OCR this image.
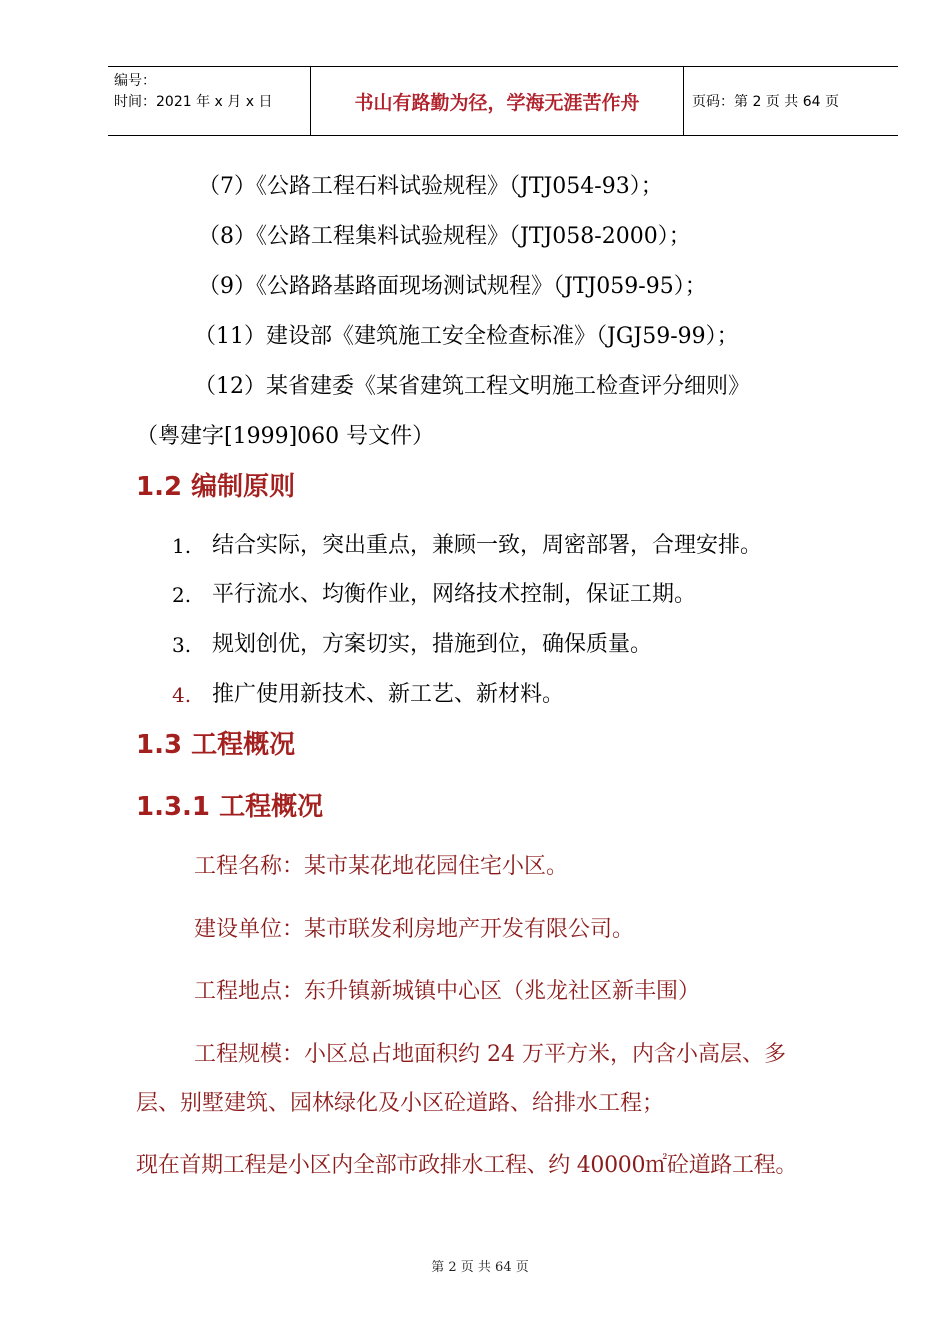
编号：
时间：2021 年 x 月 x 日	书山有路勤为径，学海无涯苦作舟	页码：第 2 页 共 64 页
（7）《公路工程石料试验规程》（JTJ054-93）；
（8）《公路工程集料试验规程》（JTJ058-2000）；
（9）《公路路基路面现场测试规程》（JTJ059-95）；
（11）建设部《建筑施工安全检查标准》（JGJ59-99）；
（12）某省建委《某省建筑工程文明施工检查评分细则》
（粤建字[1999]060 号文件）
1.2 编制原则
1. 结合实际，突出重点，兼顾一致，周密部署，合理安排。
2. 平行流水、均衡作业，网络技术控制，保证工期。
3. 规划创优，方案切实，措施到位，确保质量。
4. 推广使用新技术、新工艺、新材料。
1.3 工程概况
1.3.1 工程概况
工程名称：某市某花地花园住宅小区。
建设单位：某市联发利房地产开发有限公司。
工程地点：东升镇新城镇中心区（兆龙社区新丰围）
工程规模：小区总占地面积约 24 万平方米，内含小高层、多
层、别墅建筑、园林绿化及小区砼道路、给排水工程；
现在首期工程是小区内全部市政排水工程、约 40000㎡砼道路工程。
第 2 页 共 64 页
